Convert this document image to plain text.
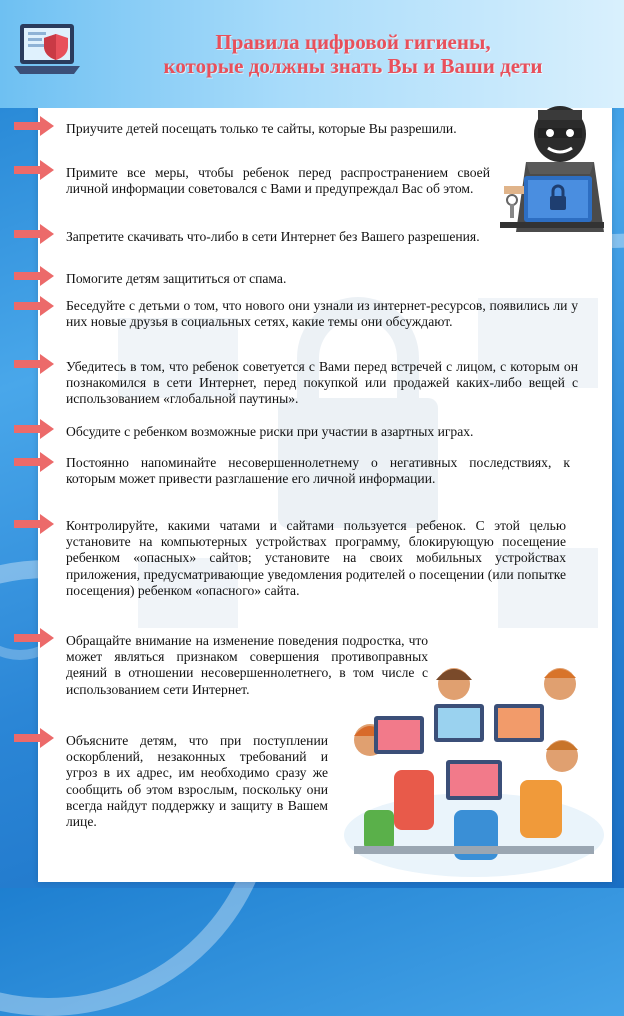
Правила цифровой гигиены,
которые должны знать Вы и Ваши дети
Приучите детей посещать только те сайты, которые Вы разрешили.
Примите все меры, чтобы ребенок перед распространением своей личной информации советовался с Вами и предупреждал Вас об этом.
Запретите скачивать что-либо в сети Интернет без Вашего разрешения.
Помогите детям защититься от спама.
Беседуйте с детьми о том, что нового они узнали из интернет-ресурсов, появились ли у них новые друзья в социальных сетях, какие темы они обсуждают.
Убедитесь в том, что ребенок советуется с Вами перед встречей с лицом, с которым он познакомился в сети Интернет, перед покупкой или продажей каких-либо вещей с использованием «глобальной паутины».
Обсудите с ребенком возможные риски при участии в азартных играх.
Постоянно напоминайте несовершеннолетнему о негативных последствиях, к которым может привести разглашение его личной информации.
Контролируйте, какими чатами и сайтами пользуется ребенок. С этой целью установите на компьютерных устройствах программу, блокирующую посещение ребенком «опасных» сайтов; установите на своих мобильных устройствах приложения, предусматривающие уведомления родителей о посещении (или попытке посещения) ребенком «опасного» сайта.
Обращайте внимание на изменение поведения подростка, что может являться признаком совершения противоправных деяний в отношении несовершеннолетнего, в том числе с использованием сети Интернет.
Объясните детям, что при поступлении оскорблений, незаконных требований и угроз в их адрес, им необходимо сразу же сообщить об этом взрослым, поскольку они всегда найдут поддержку и защиту в Вашем лице.
